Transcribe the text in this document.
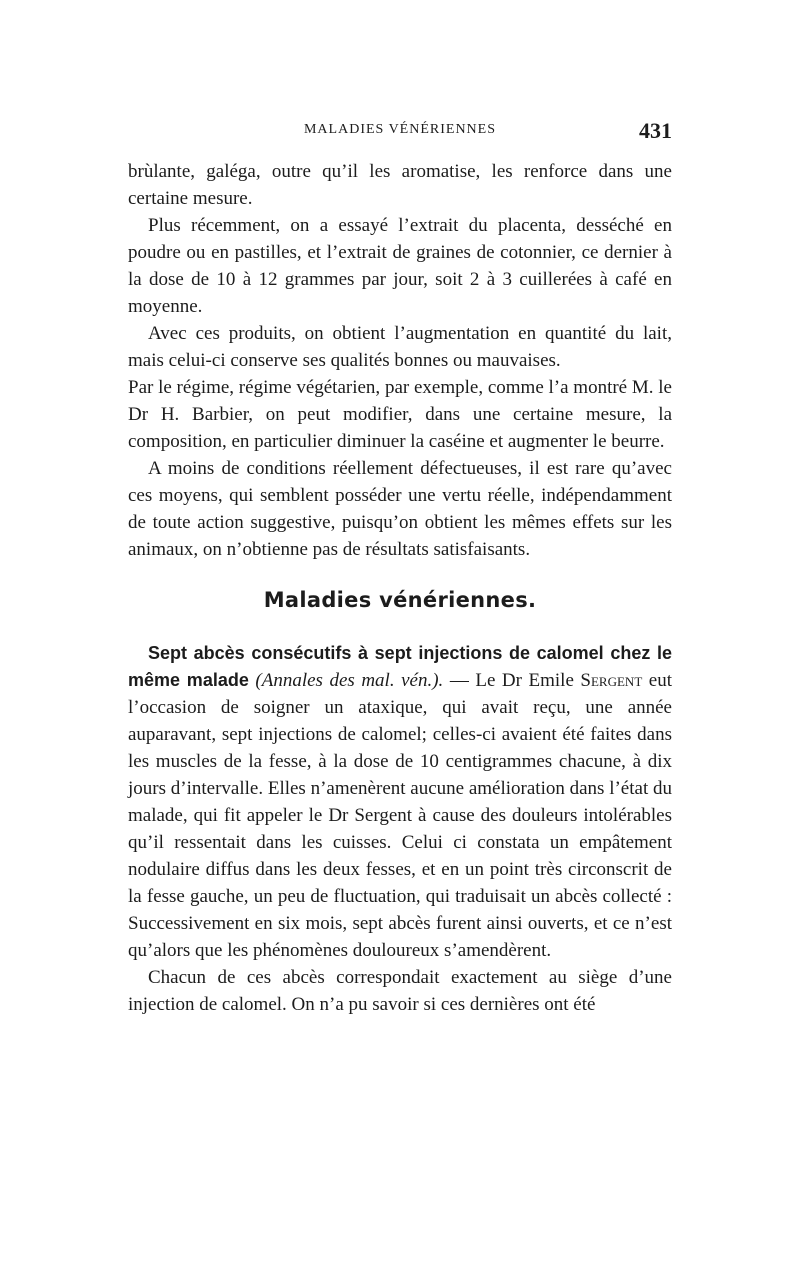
MALADIES VÉNÉRIENNES	431

brùlante, galéga, outre qu’il les aromatise, les renforce dans une certaine mesure.

Plus récemment, on a essayé l’extrait du placenta, desséché en poudre ou en pastilles, et l’extrait de graines de cotonnier, ce dernier à la dose de 10 à 12 grammes par jour, soit 2 à 3 cuillerées à café en moyenne.

Avec ces produits, on obtient l’augmentation en quantité du lait, mais celui-ci conserve ses qualités bonnes ou mauvaises.

Par le régime, régime végétarien, par exemple, comme l’a montré M. le Dr H. Barbier, on peut modifier, dans une certaine mesure, la composition, en particulier diminuer la caséine et augmenter le beurre.

A moins de conditions réellement défectueuses, il est rare qu’avec ces moyens, qui semblent posséder une vertu réelle, indépendamment de toute action suggestive, puisqu’on obtient les mêmes effets sur les animaux, on n’obtienne pas de résultats satisfaisants.

Maladies vénériennes.

Sept abcès consécutifs à sept injections de calomel chez le même malade (Annales des mal. vén.). — Le Dr Emile Sergent eut l’occasion de soigner un ataxique, qui avait reçu, une année auparavant, sept injections de calomel; celles-ci avaient été faites dans les muscles de la fesse, à la dose de 10 centigrammes chacune, à dix jours d’intervalle. Elles n’amenèrent aucune amélioration dans l’état du malade, qui fit appeler le Dr Sergent à cause des douleurs intolérables qu’il ressentait dans les cuisses. Celui ci constata un empâtement nodulaire diffus dans les deux fesses, et en un point très circonscrit de la fesse gauche, un peu de fluctuation, qui traduisait un abcès collecté : Successivement en six mois, sept abcès furent ainsi ouverts, et ce n’est qu’alors que les phénomènes douloureux s’amendèrent.

Chacun de ces abcès correspondait exactement au siège d’une injection de calomel. On n’a pu savoir si ces dernières ont été
